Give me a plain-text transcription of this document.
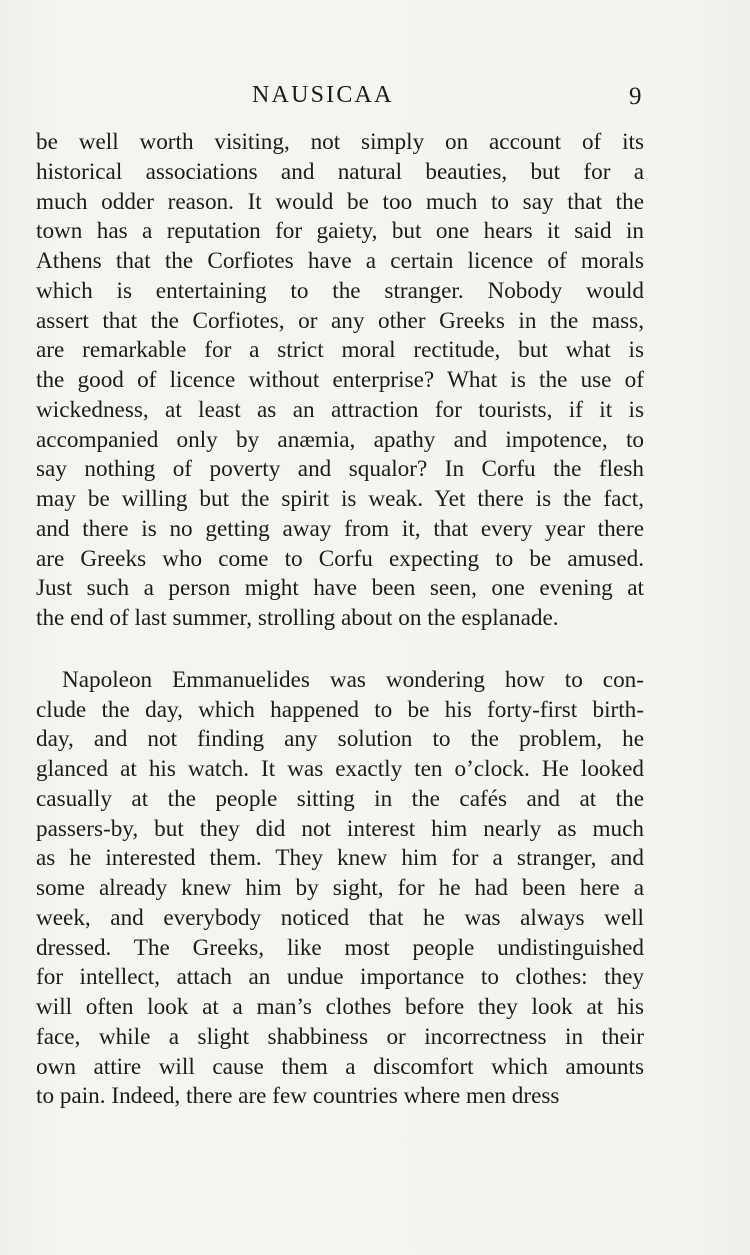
NAUSICAA	9
be well worth visiting, not simply on account of its
historical associations and natural beauties, but for a
much odder reason. It would be too much to say that the
town has a reputation for gaiety, but one hears it said in
Athens that the Corfiotes have a certain licence of morals
which is entertaining to the stranger. Nobody would
assert that the Corfiotes, or any other Greeks in the mass,
are remarkable for a strict moral rectitude, but what is
the good of licence without enterprise? What is the use of
wickedness, at least as an attraction for tourists, if it is
accompanied only by anæmia, apathy and impotence, to
say nothing of poverty and squalor? In Corfu the flesh
may be willing but the spirit is weak. Yet there is the fact,
and there is no getting away from it, that every year there
are Greeks who come to Corfu expecting to be amused.
Just such a person might have been seen, one evening at
the end of last summer, strolling about on the esplanade.
Napoleon Emmanuelides was wondering how to con-
clude the day, which happened to be his forty-first birth-
day, and not finding any solution to the problem, he
glanced at his watch. It was exactly ten o’clock. He looked
casually at the people sitting in the cafés and at the
passers-by, but they did not interest him nearly as much
as he interested them. They knew him for a stranger, and
some already knew him by sight, for he had been here a
week, and everybody noticed that he was always well
dressed. The Greeks, like most people undistinguished
for intellect, attach an undue importance to clothes: they
will often look at a man’s clothes before they look at his
face, while a slight shabbiness or incorrectness in their
own attire will cause them a discomfort which amounts
to pain. Indeed, there are few countries where men dress
